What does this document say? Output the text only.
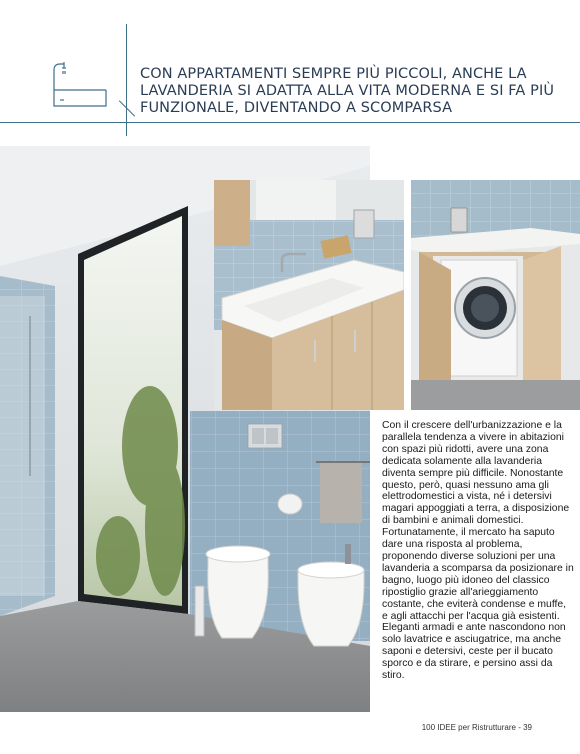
CON APPARTAMENTI SEMPRE PIÙ PICCOLI, ANCHE LA LAVANDERIA SI ADATTA ALLA VITA MODERNA E SI FA PIÙ FUNZIONALE, DIVENTANDO A SCOMPARSA

Con il crescere dell'urbanizzazione e la parallela tendenza a vivere in abitazioni con spazi più ridotti, avere una zona dedicata solamente alla lavanderia diventa sempre più difficile. Nonostante questo, però, quasi nessuno ama gli elettrodomestici a vista, né i detersivi magari appoggiati a terra, a disposizione di bambini e animali domestici. Fortunatamente, il mercato ha saputo dare una risposta al problema, proponendo diverse soluzioni per una lavanderia a scomparsa da posizionare in bagno, luogo più idoneo del classico ripostiglio grazie all'arieggiamento costante, che eviterà condense e muffe, e agli attacchi per l'acqua già esistenti. Eleganti armadi e ante nascondono non solo lavatrice e asciugatrice, ma anche saponi e detersivi, ceste per il bucato sporco e da stirare, e persino assi da stiro.

100 IDEE per Ristrutturare - 39
